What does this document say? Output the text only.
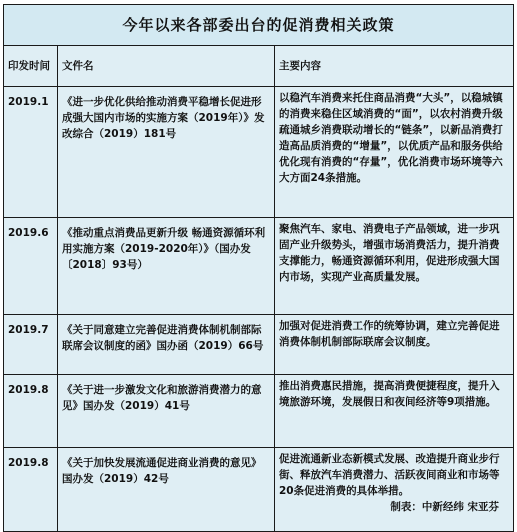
今年以来各部委出台的促消费相关政策		
印发时间	文件名	主要内容
2019.1	《进一步优化供给推动消费平稳增长促进形成强大国内市场的实施方案（2019年）》发改综合（2019）181号	以稳汽车消费来托住商品消费“大头”，以稳城镇的消费来稳住区域消费的“面”，以农村消费升级疏通城乡消费联动增长的“链条”，以新品消费打造高品质消费的“增量”，以优质产品和服务供给优化现有消费的“存量”，优化消费市场环境等六大方面24条措施。
2019.6	《推动重点消费品更新升级 畅通资源循环利用实施方案（2019-2020年）》（国办发〔2018〕93号）	聚焦汽车、家电、消费电子产品领域，进一步巩固产业升级势头，增强市场消费活力，提升消费支撑能力，畅通资源循环利用，促进形成强大国内市场，实现产业高质量发展。
2019.7	《关于同意建立完善促进消费体制机制部际联席会议制度的函》国办函（2019）66号	加强对促进消费工作的统筹协调，建立完善促进消费体制机制部际联席会议制度。
2019.8	《关于进一步激发文化和旅游消费潜力的意见》国办发（2019）41号	推出消费惠民措施，提高消费便捷程度，提升入境旅游环境，发展假日和夜间经济等9项措施。
2019.8	《关于加快发展流通促进商业消费的意见》国办发（2019）42号	促进流通新业态新模式发展、改造提升商业步行街、释放汽车消费潜力、活跃夜间商业和市场等20条促进消费的具体举措。
制表：中新经纬 宋亚芬
